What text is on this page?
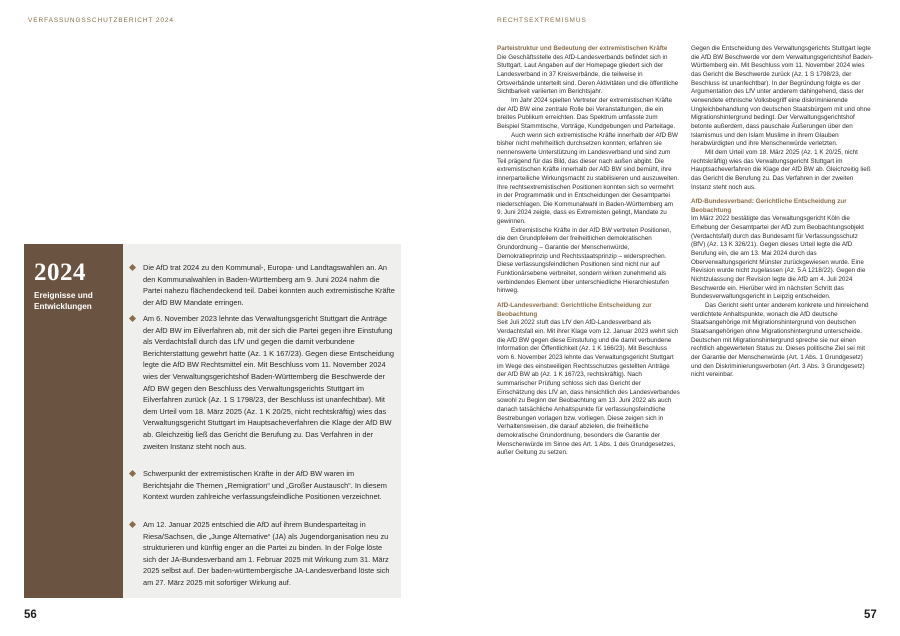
VERFASSUNGSSCHUTZBERICHT 2024	RECHTSEXTREMISMUS
2024
Ereignisse und Entwicklungen
Die AfD trat 2024 zu den Kommunal-, Europa- und Landtagswahlen an. An den Kommunalwahlen in Baden-Württemberg am 9. Juni 2024 nahm die Partei nahezu flächendeckend teil. Dabei konnten auch extremistische Kräfte der AfD BW Mandate erringen.
Am 6. November 2023 lehnte das Verwaltungsgericht Stuttgart die Anträge der AfD BW im Eilverfahren ab, mit der sich die Partei gegen ihre Einstufung als Verdachtsfall durch das LfV und gegen die damit verbundene Berichterstattung gewehrt hatte (Az. 1 K 167/23). Gegen diese Entscheidung legte die AfD BW Rechtsmittel ein. Mit Beschluss vom 11. November 2024 wies der Verwaltungsgerichtshof Baden-Württemberg die Beschwerde der AfD BW gegen den Beschluss des Verwaltungsgerichts Stuttgart im Eilverfahren zurück (Az. 1 S 1798/23, der Beschluss ist unanfechtbar). Mit dem Urteil vom 18. März 2025 (Az. 1 K 20/25, nicht rechtskräftig) wies das Verwaltungsgericht Stuttgart im Hauptsacheverfahren die Klage der AfD BW ab. Gleichzeitig ließ das Gericht die Berufung zu. Das Verfahren in der zweiten Instanz steht noch aus.
Schwerpunkt der extremistischen Kräfte in der AfD BW waren im Berichtsjahr die Themen „Remigration“ und „Großer Austausch“. In diesem Kontext wurden zahlreiche verfassungsfeindliche Positionen verzeichnet.
Am 12. Januar 2025 entschied die AfD auf ihrem Bundesparteitag in Riesa/Sachsen, die „Junge Alternative“ (JA) als Jugendorganisation neu zu strukturieren und künftig enger an die Partei zu binden. In der Folge löste sich der JA-Bundesverband am 1. Februar 2025 mit Wirkung zum 31. März 2025 selbst auf. Der baden-württembergische JA-Landesverband löste sich am 27. März 2025 mit sofortiger Wirkung auf.
Parteistruktur und Bedeutung der extremistischen Kräfte

Die Geschäftsstelle des AfD-Landesverbands befindet sich in Stuttgart. Laut Angaben auf der Homepage gliedert sich der Landesverband in 37 Kreisverbände, die teilweise in Ortsverbände unterteilt sind. Deren Aktivitäten und die öffentliche Sichtbarkeit variierten im Berichtsjahr.

Im Jahr 2024 spielten Vertreter der extremistischen Kräfte der AfD BW eine zentrale Rolle bei Veranstaltungen, die ein breites Publikum erreichten. Das Spektrum umfasste zum Beispiel Stammtische, Vorträge, Kundgebungen und Parteitage.

Auch wenn sich extremistische Kräfte innerhalb der AfD BW bisher nicht mehrheitlich durchsetzen konnten, erfahren sie nennenswerte Unterstützung im Landesverband und sind zum Teil prägend für das Bild, das dieser nach außen abgibt. Die extremistischen Kräfte innerhalb der AfD BW sind bemüht, ihre innerparteiliche Wirkungsmacht zu stabilisieren und auszuweiten. Ihre rechtsextremistischen Positionen konnten sich so vermehrt in der Programmatik und in Entscheidungen der Gesamtpartei niederschlagen. Die Kommunalwahl in Baden-Württemberg am 9. Juni 2024 zeigte, dass es Extremisten gelingt, Mandate zu gewinnen.

Extremistische Kräfte in der AfD BW vertreten Positionen, die den Grundpfeilern der freiheitlichen demokratischen Grundordnung – Garantie der Menschenwürde, Demokratieprinzip und Rechtsstaatsprinzip – widersprechen. Diese verfassungsfeindlichen Positionen sind nicht nur auf Funktionärsebene verbreitet, sondern wirken zunehmend als verbindendes Element über unterschiedliche Hierarchiestufen hinweg.

AfD-Landesverband: Gerichtliche Entscheidung zur Beobachtung

Seit Juli 2022 stuft das LfV den AfD-Landesverband als Verdachtsfall ein. Mit ihrer Klage vom 12. Januar 2023 wehrt sich die AfD BW gegen diese Einstufung und die damit verbundene Information der Öffentlichkeit (Az. 1 K 166/23). Mit Beschluss vom 6. November 2023 lehnte das Verwaltungsgericht Stuttgart im Wege des einstweiligen Rechtsschutzes gestellten Anträge der AfD BW ab (Az. 1 K 167/23, rechtskräftig). Nach summarischer Prüfung schloss sich das Gericht der Einschätzung des LfV an, dass hinsichtlich des Landesverbandes sowohl zu Beginn der Beobachtung am 13. Juni 2022 als auch danach tatsächliche Anhaltspunkte für verfassungsfeindliche Bestrebungen vorlagen bzw. vorliegen. Diese zeigen sich in Verhaltensweisen, die darauf abzielen, die freiheitliche demokratische Grundordnung, besonders die Garantie der Menschenwürde im Sinne des Art. 1 Abs. 1 des Grundgesetzes, außer Geltung zu setzen.

Gegen die Entscheidung des Verwaltungsgerichts Stuttgart legte die AfD BW Beschwerde vor dem Verwaltungsgerichtshof Baden-Württemberg ein. Mit Beschluss vom 11. November 2024 wies das Gericht die Beschwerde zurück (Az. 1 S 1798/23, der Beschluss ist unanfechtbar). In der Begründung folgte es der Argumentation des LfV unter anderem dahingehend, dass der verwendete ethnische Volksbegriff eine diskriminierende Ungleichbehandlung von deutschen Staatsbürgern mit und ohne Migrationshintergrund bedingt. Der Verwaltungsgerichtshof betonte außerdem, dass pauschale Äußerungen über den Islamismus und den Islam Muslime in ihrem Glauben herabwürdigten und ihre Menschenwürde verletzten.

Mit dem Urteil vom 18. März 2025 (Az. 1 K 20/25, nicht rechtskräftig) wies das Verwaltungsgericht Stuttgart im Hauptsacheverfahren die Klage der AfD BW ab. Gleichzeitig ließ das Gericht die Berufung zu. Das Verfahren in der zweiten Instanz steht noch aus.

AfD-Bundesverband: Gerichtliche Entscheidung zur Beobachtung

Im März 2022 bestätigte das Verwaltungsgericht Köln die Erhebung der Gesamtpartei der AfD zum Beobachtungsobjekt (Verdachtsfall) durch das Bundesamt für Verfassungsschutz (BfV) (Az. 13 K 326/21). Gegen dieses Urteil legte die AfD Berufung ein, die am 13. Mai 2024 durch das Oberverwaltungsgericht Münster zurückgewiesen wurde. Eine Revision wurde nicht zugelassen (Az. 5 A 1218/22). Gegen die Nichtzulassung der Revision legte die AfD am 4. Juli 2024 Beschwerde ein. Hierüber wird im nächsten Schritt das Bundesverwaltungsgericht in Leipzig entscheiden.

Das Gericht sieht unter anderem konkrete und hinreichend verdichtete Anhaltspunkte, wonach die AfD deutsche Staatsangehörige mit Migrationshintergrund von deutschen Staatsangehörigen ohne Migrationshintergrund unterscheide. Deutschen mit Migrationshintergrund spreche sie nur einen rechtlich abgewerteten Status zu. Dieses politische Ziel sei mit der Garantie der Menschenwürde (Art. 1 Abs. 1 Grundgesetz) und den Diskriminierungsverboten (Art. 3 Abs. 3 Grundgesetz) nicht vereinbar.

56	57
